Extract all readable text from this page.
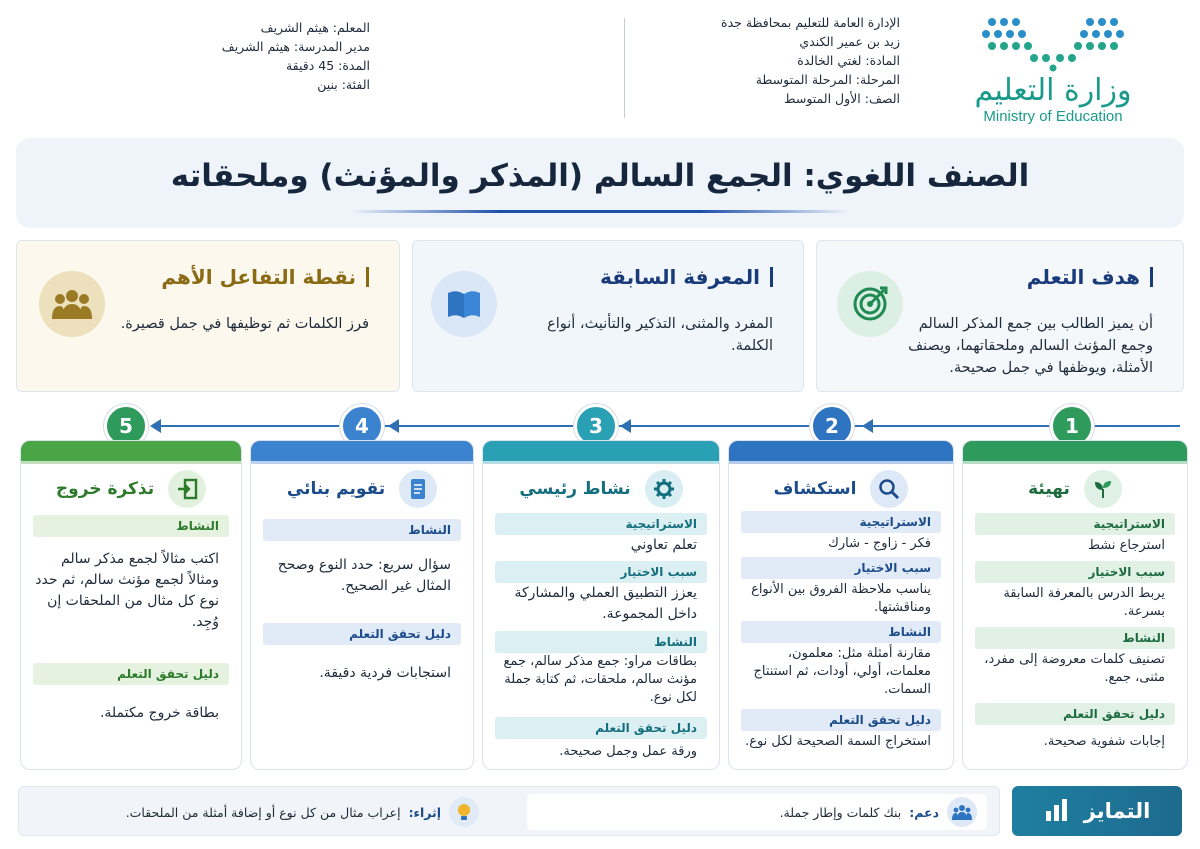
وزارة التعليم
Ministry of Education
الإدارة العامة للتعليم بمحافظة جدة
زيد بن عمير الكندي
المادة: لغتي الخالدة
المرحلة: المرحلة المتوسطة
الصف: الأول المتوسط
المعلم: هيثم الشريف
مدير المدرسة: هيثم الشريف
المدة: 45 دقيقة
الفئة: بنين
الصنف اللغوي: الجمع السالم (المذكر والمؤنث) وملحقاته
هدف التعلم
أن يميز الطالب بين جمع المذكر السالم وجمع المؤنث السالم وملحقاتهما، ويصنف الأمثلة، ويوظفها في جمل صحيحة.
المعرفة السابقة
المفرد والمثنى، التذكير والتأنيث، أنواع الكلمة.
نقطة التفاعل الأهم
فرز الكلمات ثم توظيفها في جمل قصيرة.
1
2
3
4
5
تهيئة
الاستراتيجية
استرجاع نشط
سبب الاختيار
يربط الدرس بالمعرفة السابقة بسرعة.
النشاط
تصنيف كلمات معروضة إلى مفرد، مثنى، جمع.
دليل تحقق التعلم
إجابات شفوية صحيحة.
استكشاف
الاستراتيجية
فكر - زاوج - شارك
سبب الاختيار
يناسب ملاحظة الفروق بين الأنواع ومناقشتها.
النشاط
مقارنة أمثلة مثل: معلمون، معلمات، أولي، أودات، ثم استنتاج السمات.
دليل تحقق التعلم
استخراج السمة الصحيحة لكل نوع.
نشاط رئيسي
الاستراتيجية
تعلم تعاوني
سبب الاختيار
يعزز التطبيق العملي والمشاركة داخل المجموعة.
النشاط
بطاقات مراو: جمع مذكر سالم، جمع مؤنث سالم، ملحقات، ثم كتابة جملة لكل نوع.
دليل تحقق التعلم
ورقة عمل وجمل صحيحة.
تقويم بنائي
النشاط
سؤال سريع: حدد النوع وصحح المثال غير الصحيح.
دليل تحقق التعلم
استجابات فردية دقيقة.
تذكرة خروج
النشاط
اكتب مثالاً لجمع مذكر سالم ومثالاً لجمع مؤنث سالم، ثم حدد نوع كل مثال من الملحقات إن وُجِد.
دليل تحقق التعلم
بطاقة خروج مكتملة.
التمايز
دعم:
بنك كلمات وإطار جملة.
إثراء:
إعراب مثال من كل نوع أو إضافة أمثلة من الملحقات.
